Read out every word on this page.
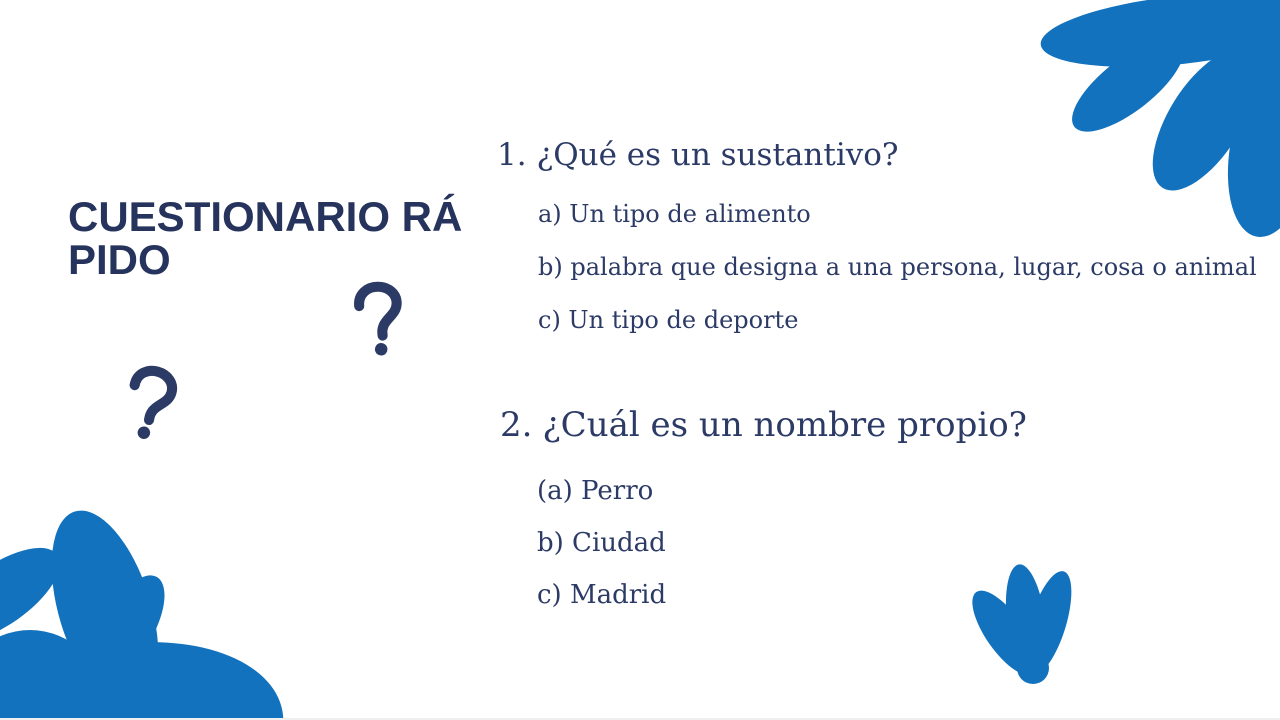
CUESTIONARIO RÁ
PIDO
1. ¿Qué es un sustantivo?
a) Un tipo de alimento
b) palabra que designa a una persona, lugar, cosa o animal
c) Un tipo de deporte
2. ¿Cuál es un nombre propio?
(a) Perro
b) Ciudad
c) Madrid
